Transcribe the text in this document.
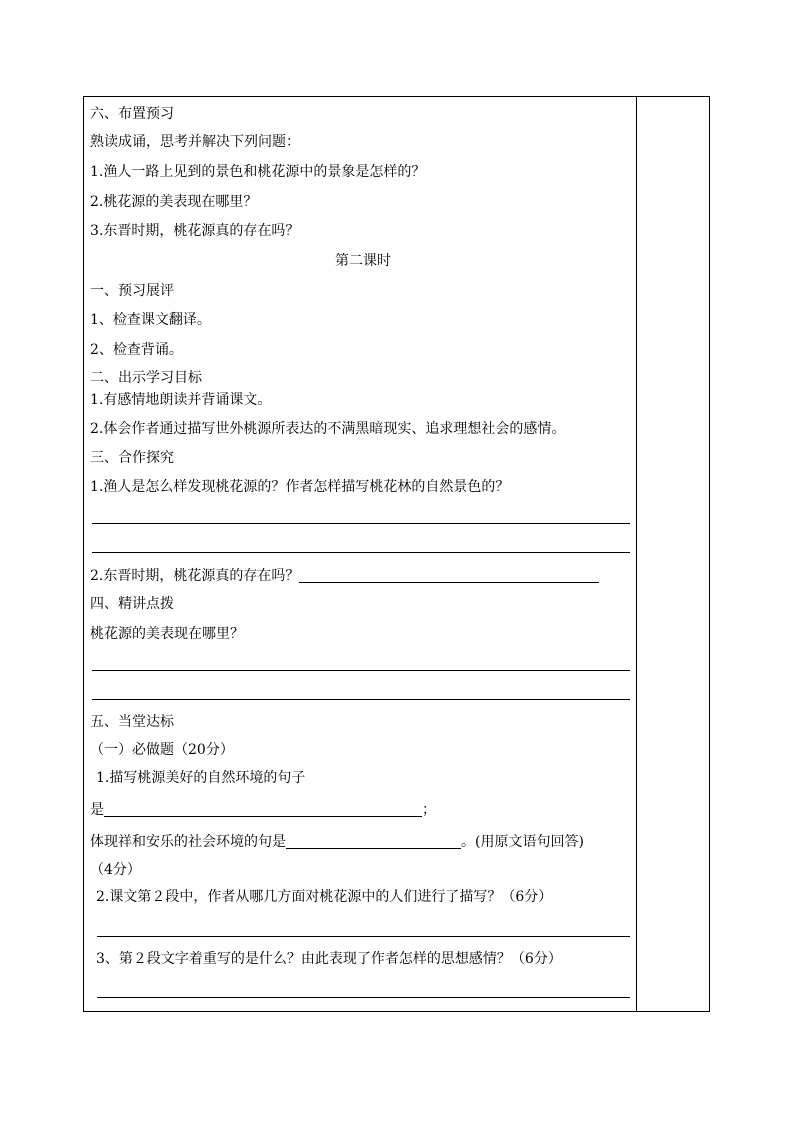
六、布置预习
熟读成诵，思考并解决下列问题：
1.渔人一路上见到的景色和桃花源中的景象是怎样的？
2.桃花源的美表现在哪里？
3.东晋时期，桃花源真的存在吗？
第二课时
一、预习展评
1、检查课文翻译。
2、检查背诵。
二、出示学习目标
1.有感情地朗读并背诵课文。
2.体会作者通过描写世外桃源所表达的不满黑暗现实、追求理想社会的感情。
三、合作探究
1.渔人是怎么样发现桃花源的？作者怎样描写桃花林的自然景色的？
2.东晋时期，桃花源真的存在吗？
四、精讲点拨
桃花源的美表现在哪里？
五、当堂达标
（一）必做题（20分）
1.描写桃源美好的自然环境的句子
是	；
体现祥和安乐的社会环境的句是	。(用原文语句回答)
（4分）
2.课文第２段中，作者从哪几方面对桃花源中的人们进行了描写？（6分）
3、第２段文字着重写的是什么？由此表现了作者怎样的思想感情？（6分）
